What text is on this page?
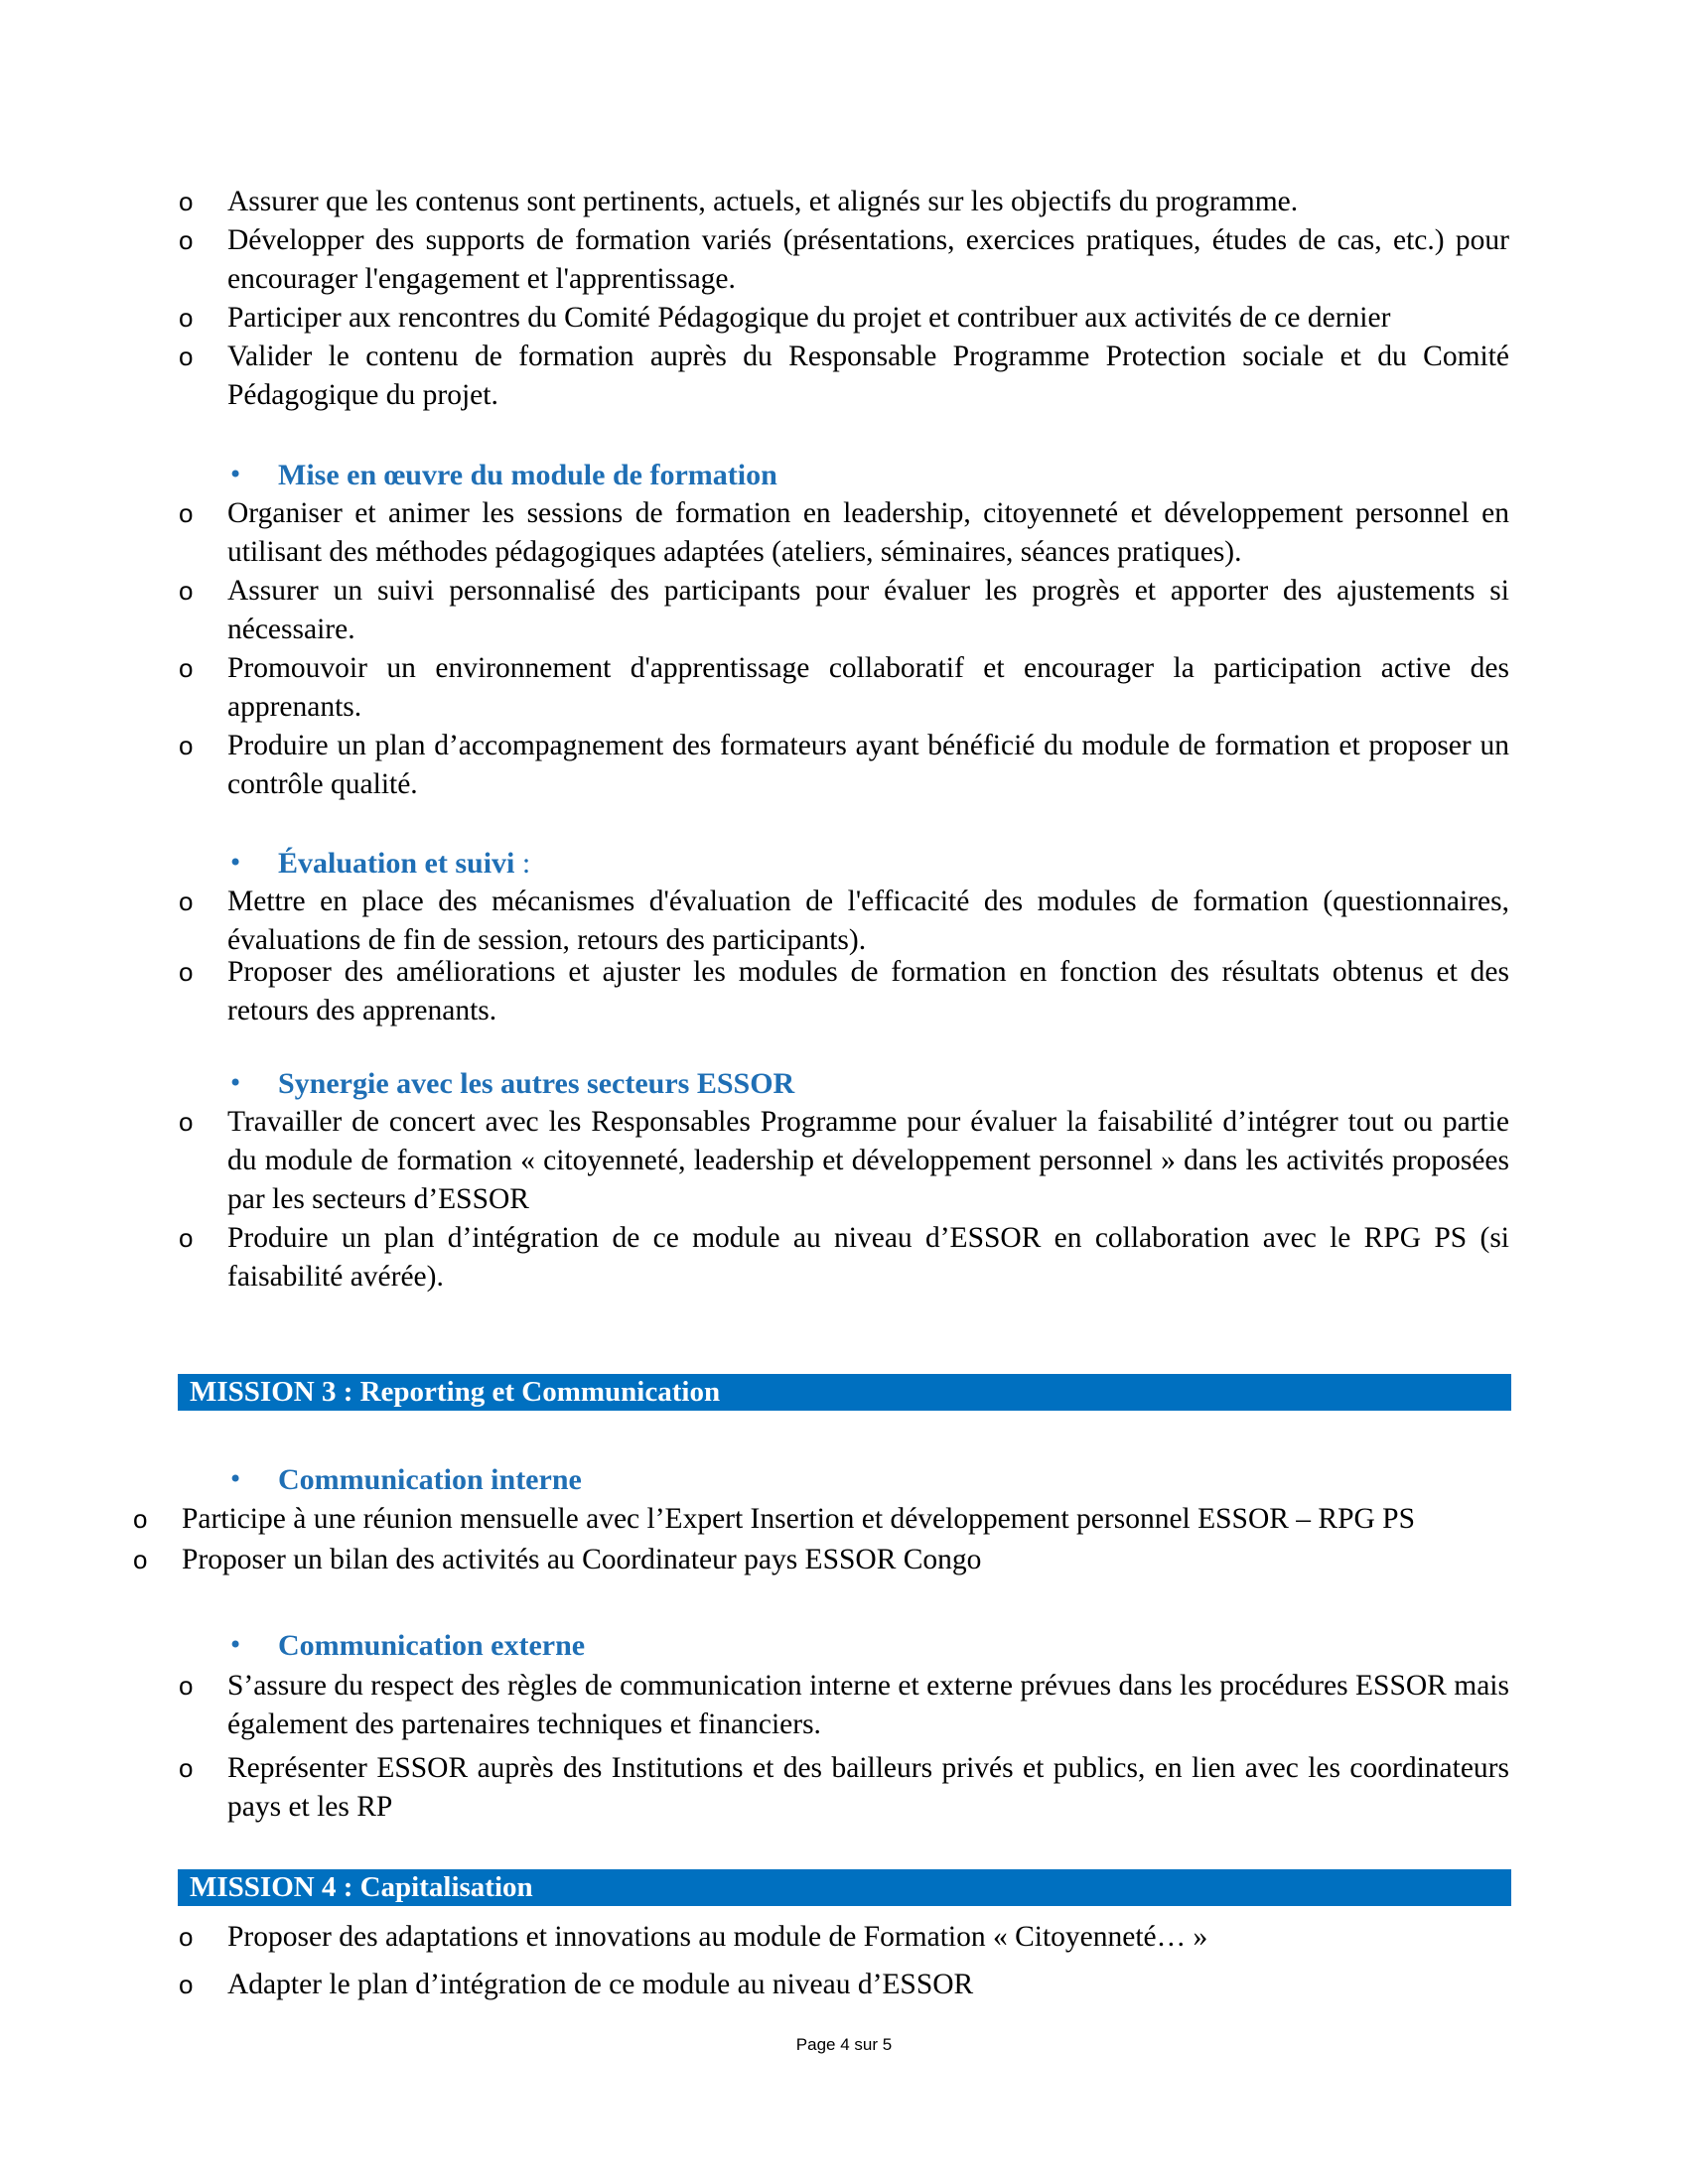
o	Assurer que les contenus sont pertinents, actuels, et alignés sur les objectifs du programme.
o	Développer des supports de formation variés (présentations, exercices pratiques, études de cas, etc.) pour encourager l'engagement et l'apprentissage.
o	Participer aux rencontres du Comité Pédagogique du projet et contribuer aux activités de ce dernier
o	Valider le contenu de formation auprès du Responsable Programme Protection sociale et du Comité Pédagogique du projet.
• Mise en œuvre du module de formation
o	Organiser et animer les sessions de formation en leadership, citoyenneté et développement personnel en utilisant des méthodes pédagogiques adaptées (ateliers, séminaires, séances pratiques).
o	Assurer un suivi personnalisé des participants pour évaluer les progrès et apporter des ajustements si nécessaire.
o	Promouvoir un environnement d'apprentissage collaboratif et encourager la participation active des apprenants.
o	Produire un plan d’accompagnement des formateurs ayant bénéficié du module de formation et proposer un contrôle qualité.
• Évaluation et suivi :
o	Mettre en place des mécanismes d'évaluation de l'efficacité des modules de formation (questionnaires, évaluations de fin de session, retours des participants).
o	Proposer des améliorations et ajuster les modules de formation en fonction des résultats obtenus et des retours des apprenants.
• Synergie avec les autres secteurs ESSOR
o	Travailler de concert avec les Responsables Programme pour évaluer la faisabilité d’intégrer tout ou partie du module de formation « citoyenneté, leadership et développement personnel » dans les activités proposées par les secteurs d’ESSOR
o	Produire un plan d’intégration de ce module au niveau d’ESSOR en collaboration avec le RPG PS (si faisabilité avérée).
MISSION 3 : Reporting et Communication
• Communication interne
o	Participe à une réunion mensuelle avec l’Expert Insertion et développement personnel ESSOR – RPG PS
o	Proposer un bilan des activités au Coordinateur pays ESSOR Congo
• Communication externe
o	S’assure du respect des règles de communication interne et externe prévues dans les procédures ESSOR mais également des partenaires techniques et financiers.
o	Représenter ESSOR auprès des Institutions et des bailleurs privés et publics, en lien avec les coordinateurs pays et les RP
MISSION 4 : Capitalisation
o	Proposer des adaptations et innovations au module de Formation « Citoyenneté… »
o	Adapter le plan d’intégration de ce module au niveau d’ESSOR
Page 4 sur 5
